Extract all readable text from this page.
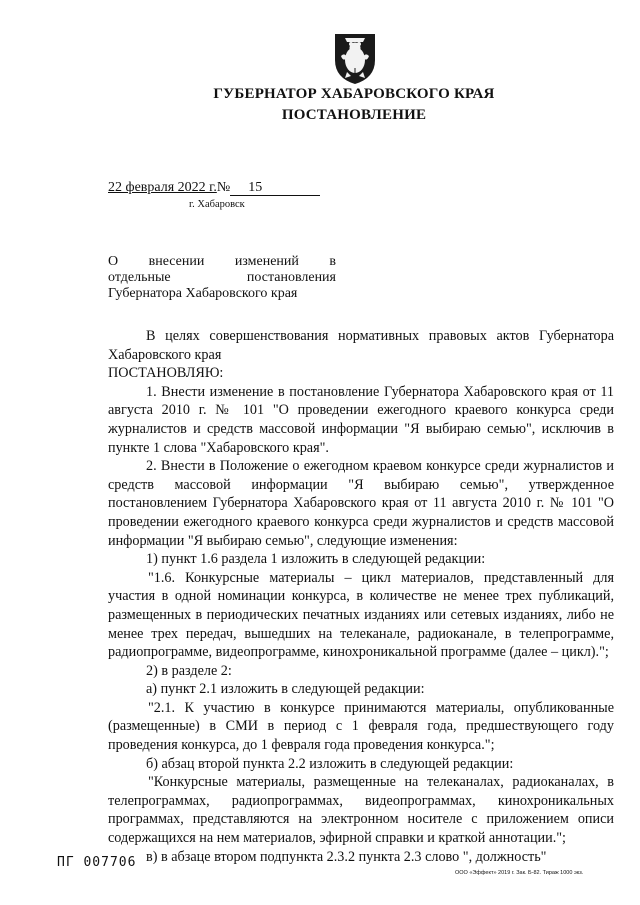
ГУБЕРНАТОР ХАБАРОВСКОГО КРАЯ
ПОСТАНОВЛЕНИЕ
22 февраля 2022 г.№ 15
г. Хабаровск
О внесении изменений в
отдельные	постановления
Губернатора Хабаровского края

В целях совершенствования нормативных правовых актов Губернатора Хабаровского края

ПОСТАНОВЛЯЮ:

1. Внести изменение в постановление Губернатора Хабаровского края от 11 августа 2010 г. № 101 "О проведении ежегодного краевого конкурса среди журналистов и средств массовой информации "Я выбираю семью", исключив в пункте 1 слова "Хабаровского края".

2. Внести в Положение о ежегодном краевом конкурсе среди журналистов и средств массовой информации "Я выбираю семью", утвержденное постановлением Губернатора Хабаровского края от 11 августа 2010 г. № 101 "О проведении ежегодного краевого конкурса среди журналистов и средств массовой информации "Я выбираю семью", следующие изменения:

1) пункт 1.6 раздела 1 изложить в следующей редакции:

"1.6. Конкурсные материалы – цикл материалов, представленный для участия в одной номинации конкурса, в количестве не менее трех публикаций, размещенных в периодических печатных изданиях или сетевых изданиях, либо не менее трех передач, вышедших на телеканале, радиоканале, в телепрограмме, радиопрограмме, видеопрограмме, кинохроникальной программе (далее – цикл).";

2) в разделе 2:

а) пункт 2.1 изложить в следующей редакции:

"2.1. К участию в конкурсе принимаются материалы, опубликованные (размещенные) в СМИ в период с 1 февраля года, предшествующего году проведения конкурса, до 1 февраля года проведения конкурса.";

б) абзац второй пункта 2.2 изложить в следующей редакции:

"Конкурсные материалы, размещенные на телеканалах, радиоканалах, в телепрограммах, радиопрограммах, видеопрограммах, кинохроникальных программах, представляются на электронном носителе с приложением описи содержащихся на нем материалов, эфирной справки и краткой аннотации.";

в) в абзаце втором подпункта 2.3.2 пункта 2.3 слово ", должность"

ПГ 007706
ООО «Эффект» 2019 г. Зак. Б-82. Тираж 1000 экз.
